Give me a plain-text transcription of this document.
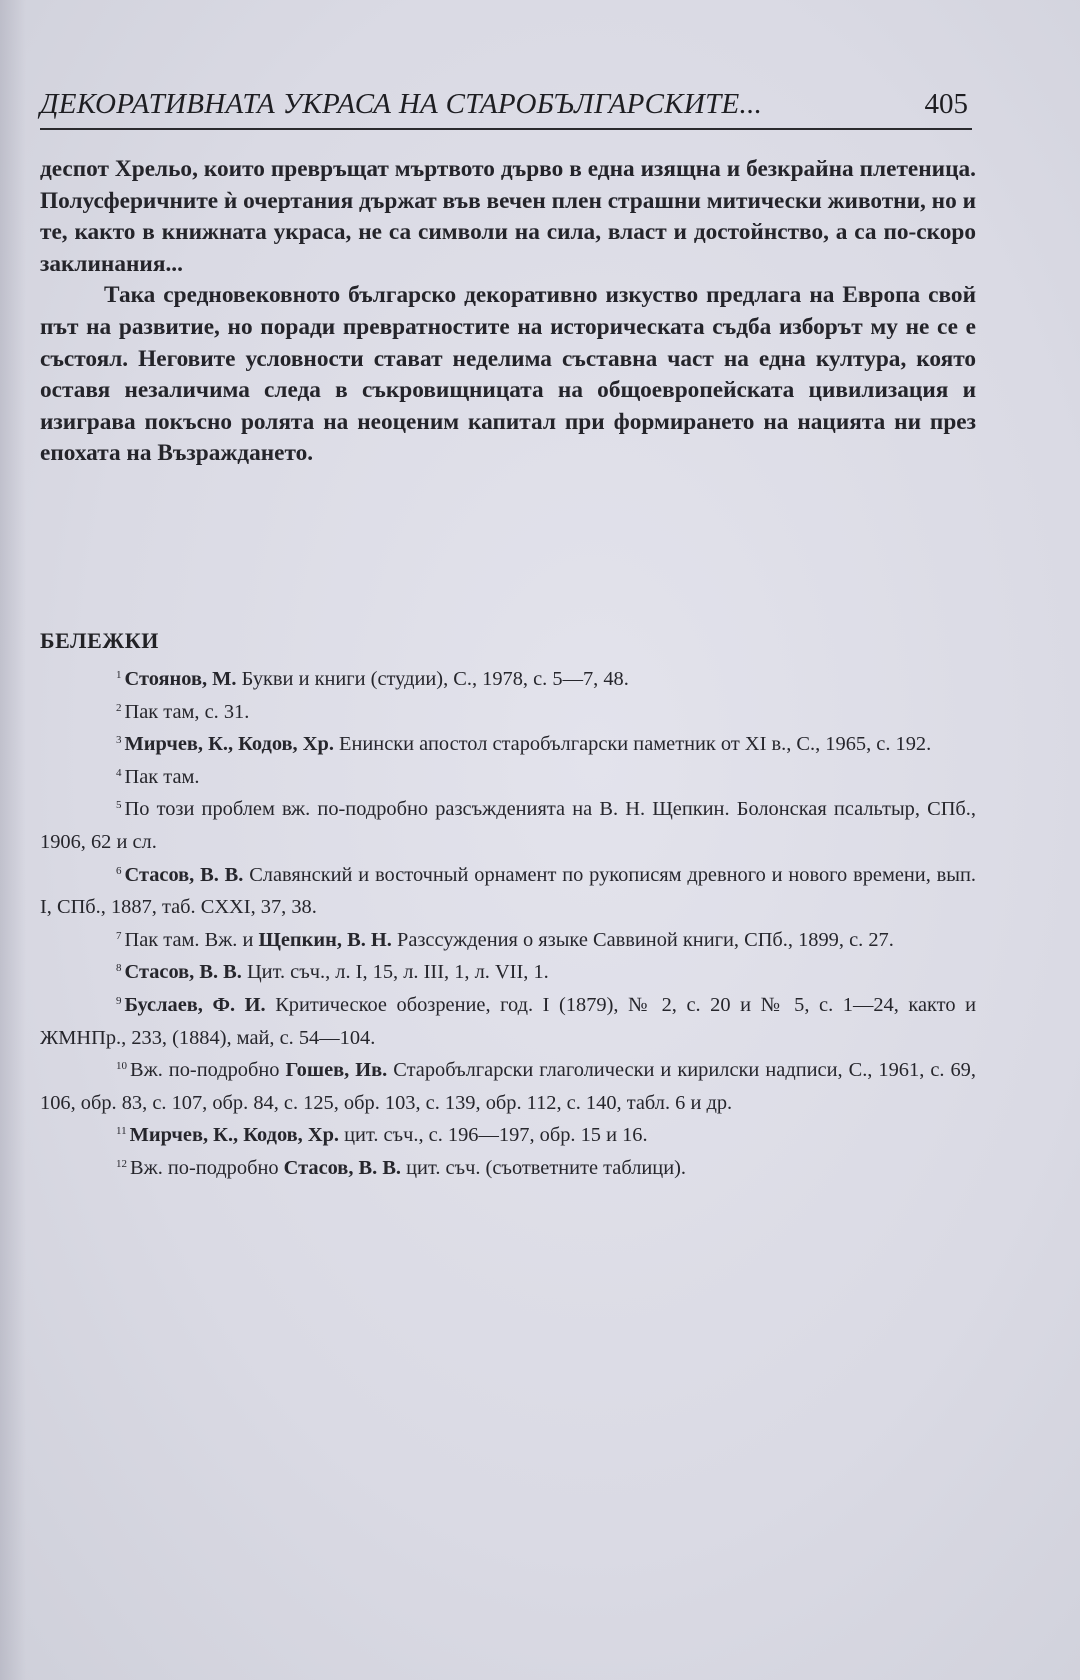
ДЕКОРАТИВНАТА УКРАСА НА СТАРОБЪЛГАРСКИТЕ...	405

деспот Хрельо, които превръщат мъртвото дърво в една изящна и безкрайна плетеница. Полусферичните ѝ очертания държат във вечен плен страшни митически животни, но и те, както в книжната украса, не са символи на сила, власт и достойнство, а са по-скоро заклинания...

Така средновековното българско декоративно изкуство предлага на Европа свой път на развитие, но поради превратностите на историческата съдба изборът му не се е състоял. Неговите условности стават неделима съставна част на една култура, която оставя незаличима следа в съкровищницата на общоевропейската цивилизация и изиграва покъсно ролята на неоценим капитал при формирането на нацията ни през епохата на Възраждането.

БЕЛЕЖКИ

$^1$ Стоянов, М. Букви и книги (студии), С., 1978, с. 5—7, 48.

$^2$ Пак там, с. 31.

$^3$ Мирчев, К., Кодов, Хр. Енински апостол старобългарски паметник от XI в., С., 1965, с. 192.

$^4$ Пак там.

$^5$ По този проблем вж. по-подробно разсъжденията на В. Н. Щепкин. Болонская псальтыр, СПб., 1906, 62 и сл.

$^6$ Стасов, В. В. Славянский и восточный орнамент по рукописям древного и нового времени, вып. I, СПб., 1887, таб. CXXI, 37, 38.

$^7$ Пак там. Вж. и Щепкин, В. Н. Разссуждения о языке Саввиной книги, СПб., 1899, с. 27.

$^8$ Стасов, В. В. Цит. съч., л. I, 15, л. III, 1, л. VII, 1.

$^9$ Буслаев, Ф. И. Критическое обозрение, год. I (1879), № 2, с. 20 и № 5, с. 1—24, както и ЖМНПр., 233, (1884), май, с. 54—104.

$^{10}$ Вж. по-подробно Гошев, Ив. Старобългарски глаголически и кирилски надписи, С., 1961, с. 69, 106, обр. 83, с. 107, обр. 84, с. 125, обр. 103, с. 139, обр. 112, с. 140, табл. 6 и др.

$^{11}$ Мирчев, К., Кодов, Хр. цит. съч., с. 196—197, обр. 15 и 16.

$^{12}$ Вж. по-подробно Стасов, В. В. цит. съч. (съответните таблици).
